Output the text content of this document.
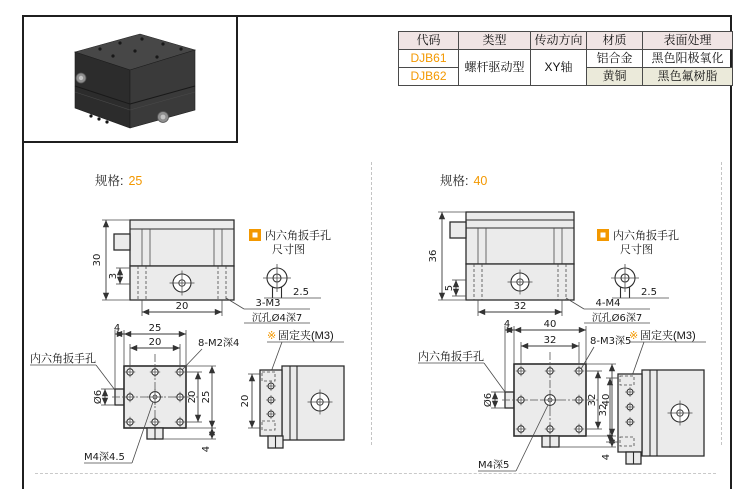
代码	类型	传动方向	材质	表面处理
DJB61	螺杆驱动型	XY轴	铝合金	黑色阳极氧化
DJB62			黄铜	黑色氟树脂
规格: 25	规格: 40
30
3
20	3-M3
沉孔Ø4深7
内六角扳手孔
尺寸图
2.5
内六角扳手孔
4	25
20
20 25
4
Ø6
8-M2深4
M4深4.5
※ 固定夹(M3)
20
36
5
32	4-M4
沉孔Ø6深7
内六角扳手孔
尺寸图
2.5
内六角扳手孔
4	40
32
32 40
4
Ø6
8-M3深5
M4深5
※ 固定夹(M3)
32
